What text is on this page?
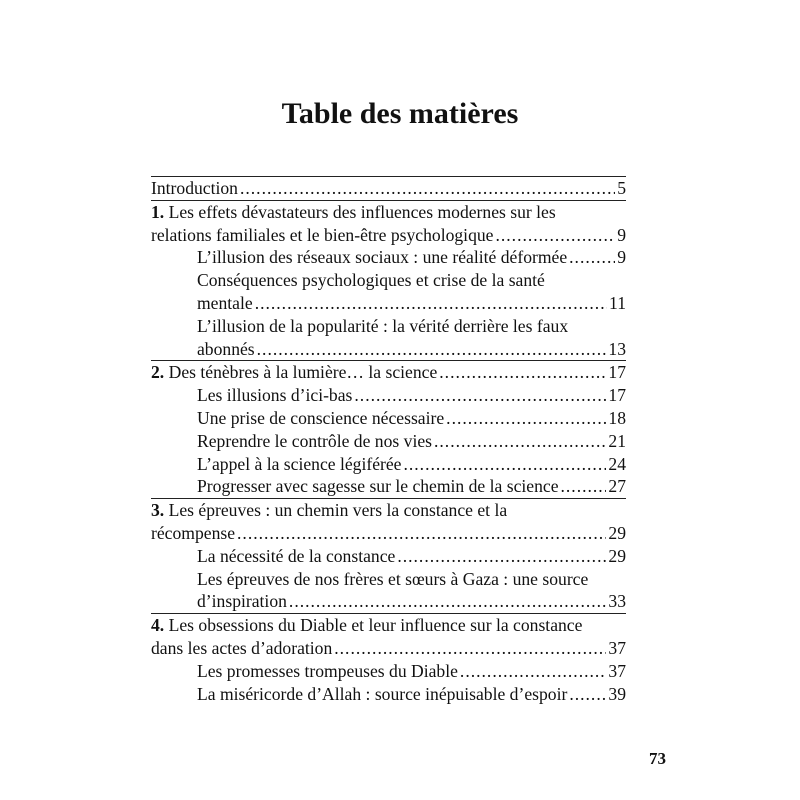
Table des matières
Introduction .....	5
1. Les effets dévastateurs des influences modernes sur les
relations familiales et le bien-être psychologique .....	9
L’illusion des réseaux sociaux : une réalité déformée .....	9
Conséquences psychologiques et crise de la santé
mentale .....	11
L’illusion de la popularité : la vérité derrière les faux
abonnés .....	13
2. Des ténèbres à la lumière… la science .....	17
Les illusions d’ici-bas .....	17
Une prise de conscience nécessaire .....	18
Reprendre le contrôle de nos vies .....	21
L’appel à la science légiférée .....	24
Progresser avec sagesse sur le chemin de la science .....	27
3. Les épreuves : un chemin vers la constance et la
récompense .....	29
La nécessité de la constance .....	29
Les épreuves de nos frères et sœurs à Gaza : une source
d’inspiration .....	33
4. Les obsessions du Diable et leur influence sur la constance
dans les actes d’adoration .....	37
Les promesses trompeuses du Diable .....	37
La miséricorde d’Allah : source inépuisable d’espoir ..... 39
73
